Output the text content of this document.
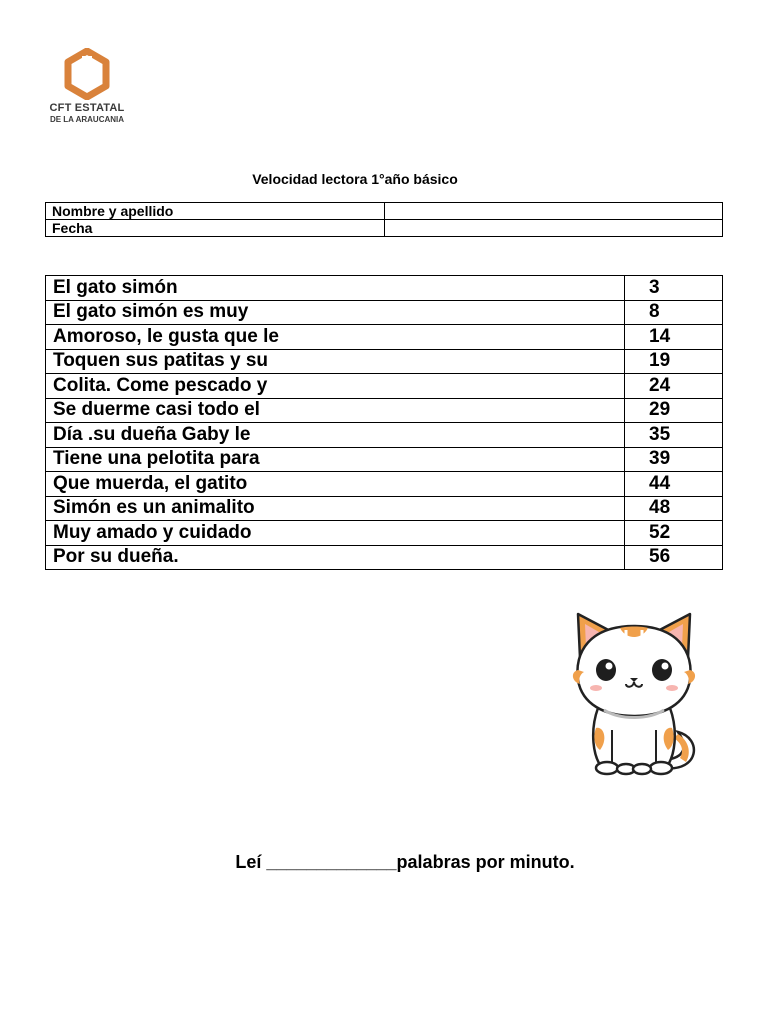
CFT ESTATAL
DE LA ARAUCANIA
Velocidad lectora 1°año básico
Nombre y apellido	
Fecha	
El gato simón	3
El gato simón es muy	8
Amoroso, le gusta que le	14
Toquen sus patitas y su	19
Colita. Come pescado y	24
Se duerme casi todo el	29
Día .su dueña Gaby le	35
Tiene una pelotita para	39
Que muerda, el gatito	44
Simón es un animalito	48
Muy amado y cuidado	52
Por su dueña.	56
Leí _____________palabras por minuto.
